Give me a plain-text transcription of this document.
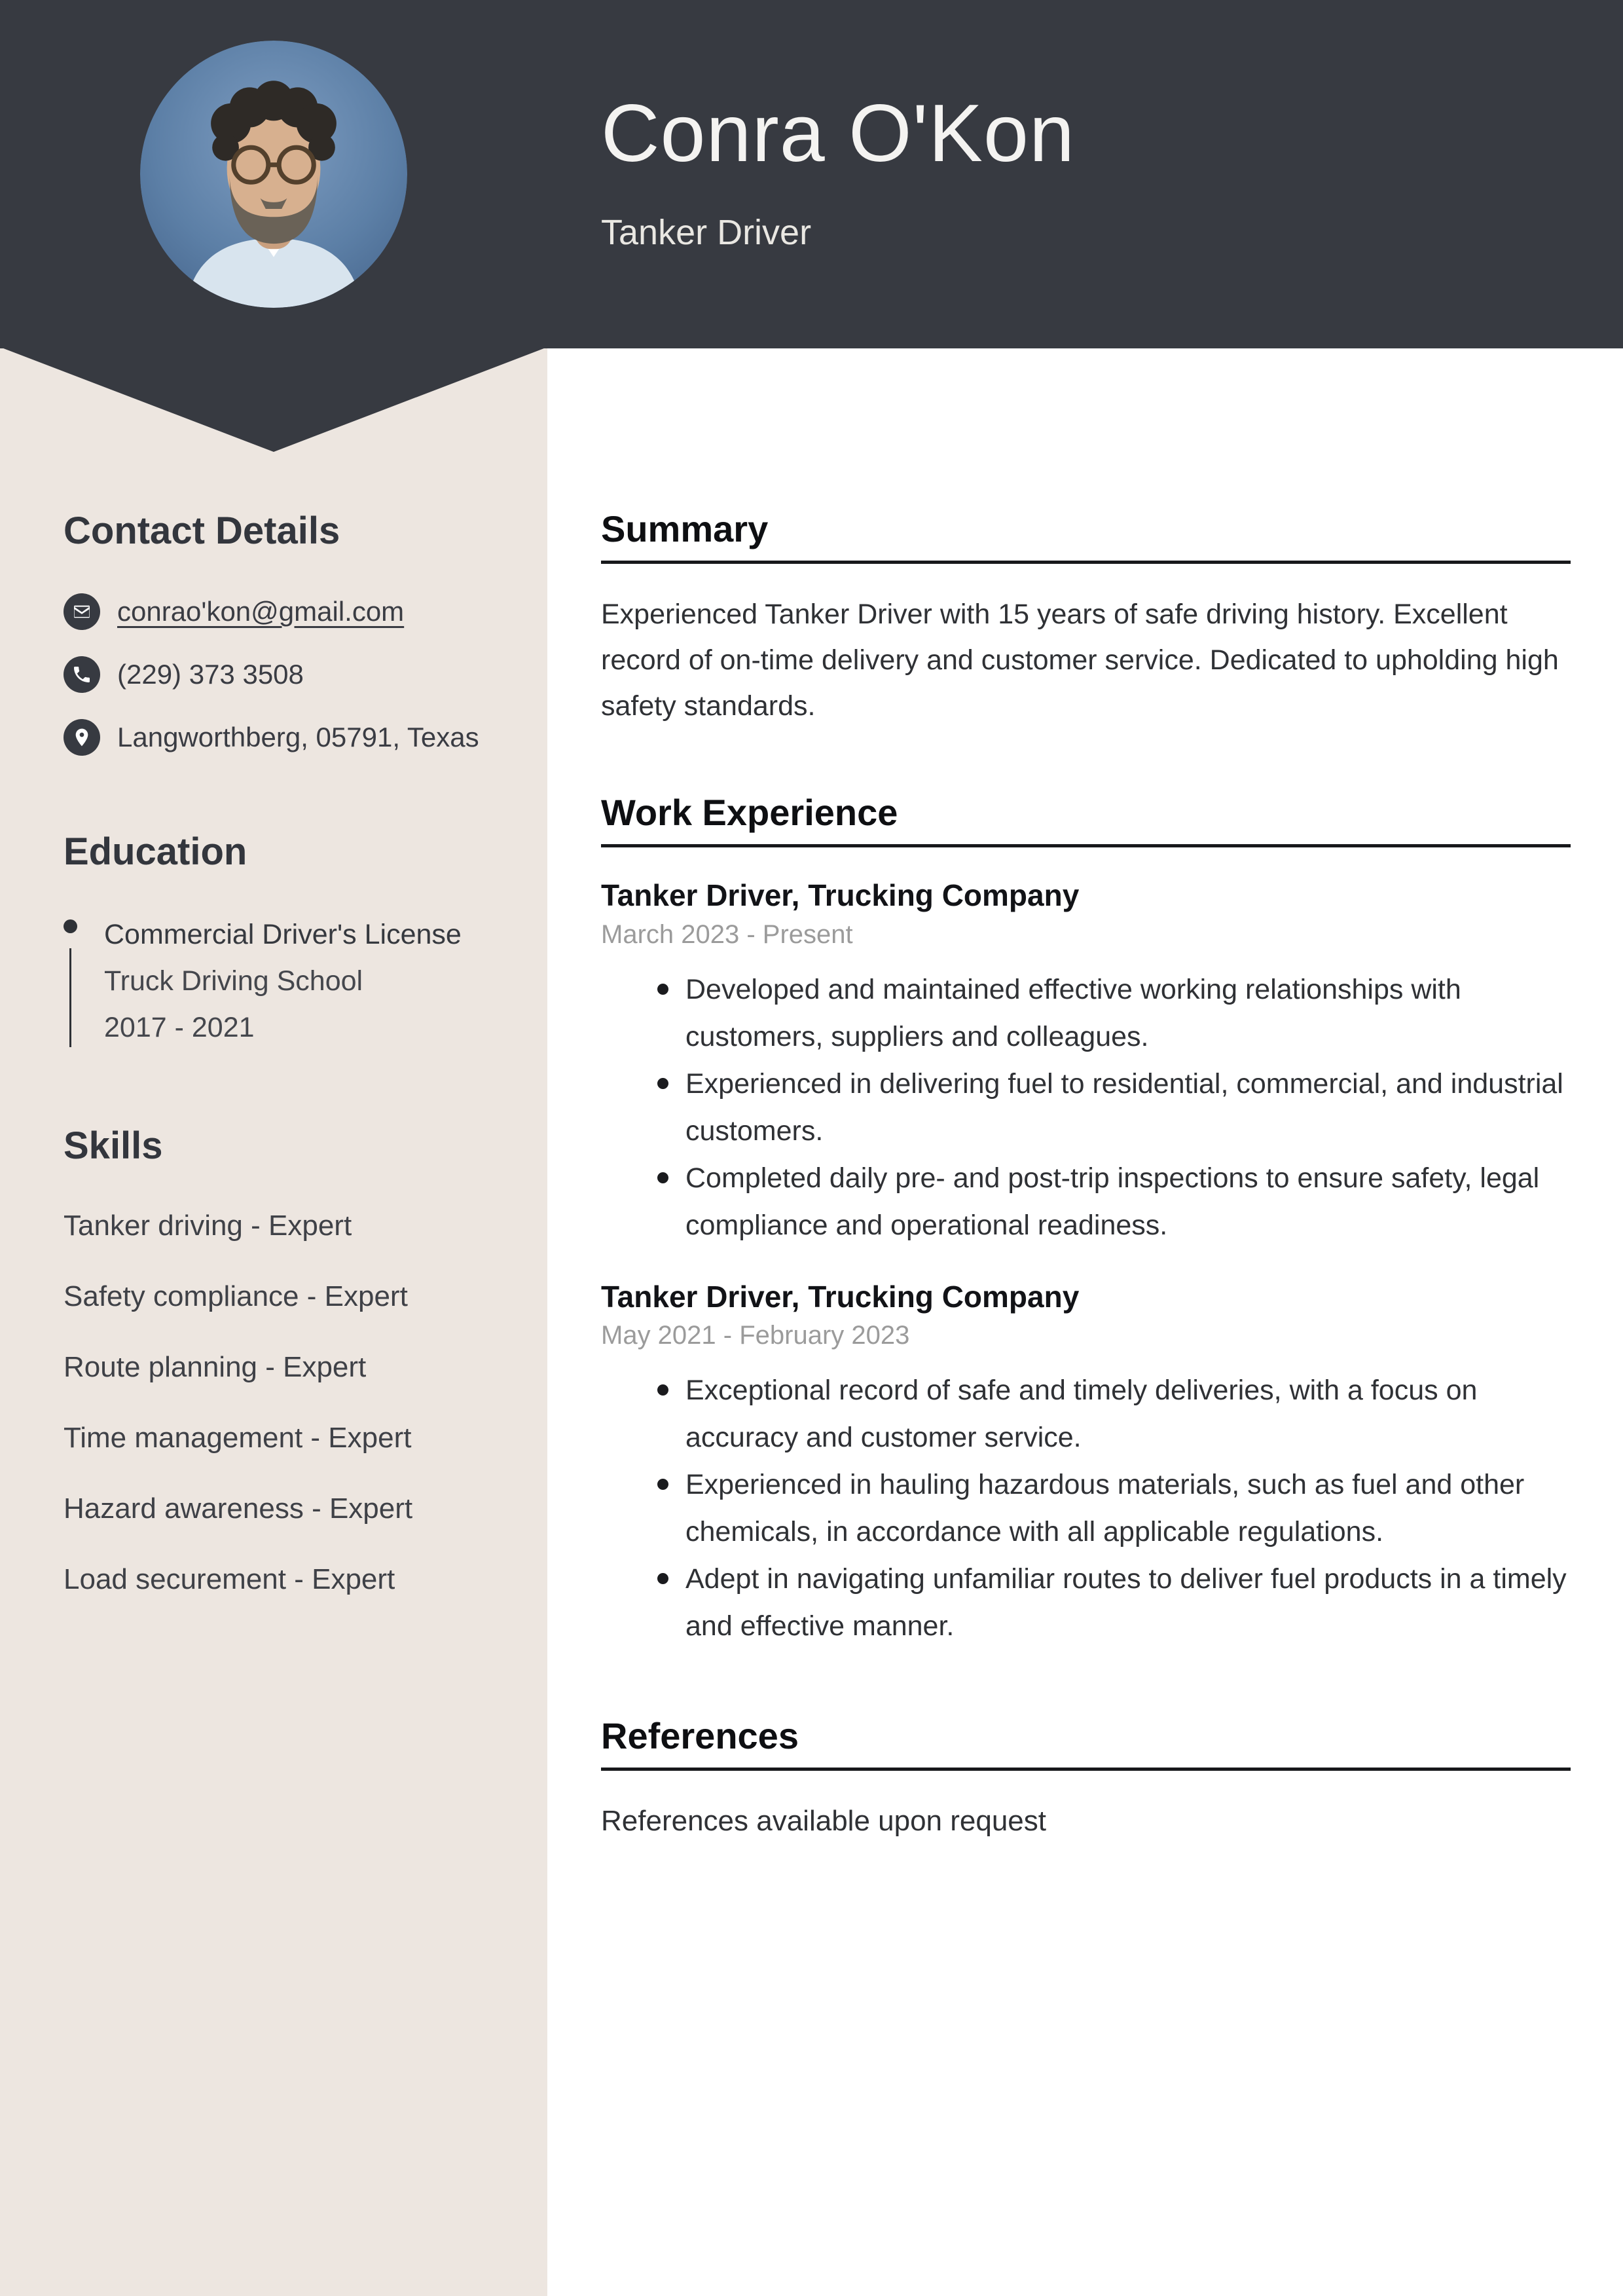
Conra O'Kon
Tanker Driver
Contact Details
conrao'kon@gmail.com
(229) 373 3508
Langworthberg, 05791, Texas
Education

Commercial Driver's License

Truck Driving School

2017 - 2021

Skills

Tanker driving - Expert

Safety compliance - Expert

Route planning - Expert

Time management - Expert

Hazard awareness - Expert

Load securement - Expert

Summary

Experienced Tanker Driver with 15 years of safe driving history. Excellent record of on-time delivery and customer service. Dedicated to upholding high safety standards.

Work Experience
Tanker Driver, Trucking Company

March 2023 - Present

Developed and maintained effective working relationships with customers, suppliers and colleagues.
Experienced in delivering fuel to residential, commercial, and industrial customers.
Completed daily pre- and post-trip inspections to ensure safety, legal compliance and operational readiness.
Tanker Driver, Trucking Company

May 2021 - February 2023

Exceptional record of safe and timely deliveries, with a focus on accuracy and customer service.
Experienced in hauling hazardous materials, such as fuel and other chemicals, in accordance with all applicable regulations.
Adept in navigating unfamiliar routes to deliver fuel products in a timely and effective manner.
References

References available upon request
